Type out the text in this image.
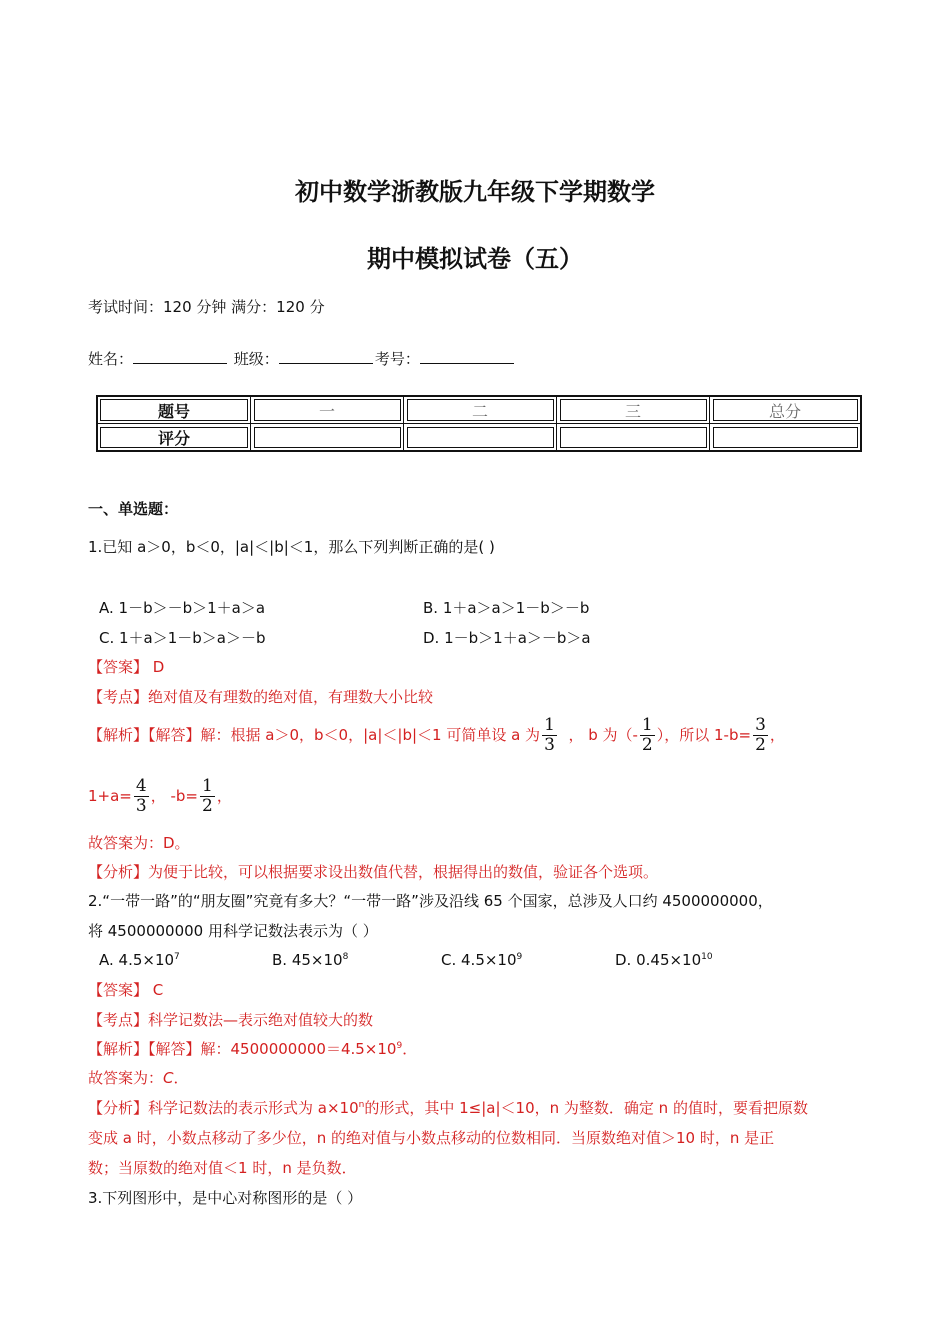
初中数学浙教版九年级下学期数学
期中模拟试卷（五）
考试时间：120 分钟 满分：120 分
姓名：	班级：	考号：
题号	一	二	三	总分
评分				
一、单选题：
1.已知 a＞0，b＜0，|a|＜|b|＜1，那么下列判断正确的是( )
A. 1－b＞－b＞1＋a＞a	B. 1＋a＞a＞1－b＞－b
C. 1＋a＞1－b＞a＞－b	D. 1－b＞1＋a＞－b＞a
【答案】 D
【考点】绝对值及有理数的绝对值，有理数大小比较
【解析】【解答】解：根据 a＞0，b＜0，|a|＜|b|＜1 可简单设 a 为 $\frac{1}{3}$ ， b 为（- $\frac{1}{2}$ ），所以 $1-b= \frac{3}{2}$ ，
$1+a= \frac{4}{3}$ ， $-b= \frac{1}{2}$ ，
故答案为：D。
【分析】为便于比较，可以根据要求设出数值代替，根据得出的数值，验证各个选项。
2.“一带一路”的“朋友圈”究竟有多大？“一带一路”涉及沿线 65 个国家，总涉及人口约 4500000000，
将 4500000000 用科学记数法表示为（ ）
A. $4.5\times 10^7$	B. $45\times 10^8$	C. $4.5\times 10^9$	D. $0.45\times 10^{10}$
【答案】 C
【考点】科学记数法—表示绝对值较大的数
【解析】【解答】解：$4500000000=4.5\times 10^9$．
故答案为：C．
【分析】科学记数法的表示形式为 $a\times 10^n$的形式，其中 1≤|a|＜10，n 为整数．确定 n 的值时，要看把原数
变成 a 时，小数点移动了多少位，n 的绝对值与小数点移动的位数相同．当原数绝对值＞10 时，n 是正
数；当原数的绝对值＜1 时，n 是负数．
3.下列图形中，是中心对称图形的是（ ）
